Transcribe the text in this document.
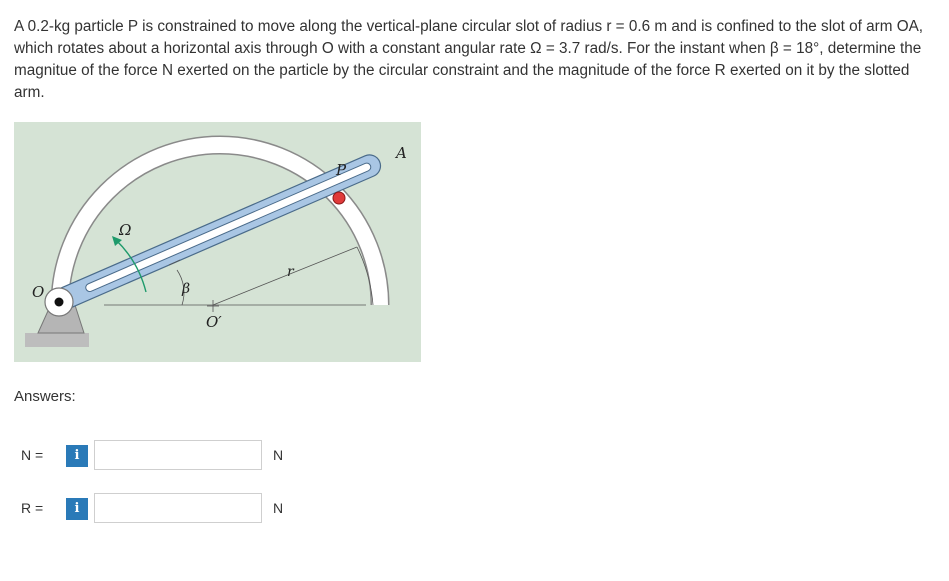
A 0.2-kg particle P is constrained to move along the vertical-plane circular slot of radius r = 0.6 m and is confined to the slot of arm OA, which rotates about a horizontal axis through O with a constant angular rate Ω = 3.7 rad/s. For the instant when β = 18°, determine the magnitue of the force N exerted on the particle by the circular constraint and the magnitude of the force R exerted on it by the slotted arm.
O
A
P
Ω
β
r
O′
Answers:
N =	i	N
R =	i	N
